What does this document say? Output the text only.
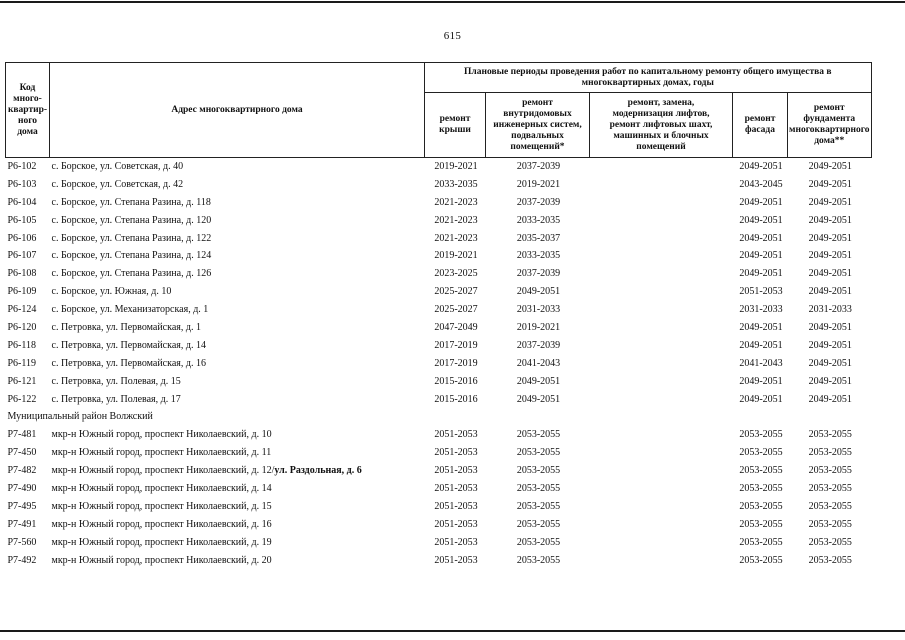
615
Код
много-
квартир-
ного
дома	Адрес многоквартирного дома	Плановые периоды проведения работ по капитальному ремонту общего имущества в
многоквартирных домах, годы				
		ремонт
крыши	ремонт
внутридомовых
инженерных систем,
подвальных
помещений*	ремонт, замена,
модернизация лифтов,
ремонт лифтовых шахт,
машинных и блочных
помещений	ремонт
фасада	ремонт
фундамента
многоквартирного
дома**
Р6-102	с. Борское, ул. Советская, д. 40	2019-2021	2037-2039		2049-2051	2049-2051
Р6-103	с. Борское, ул. Советская, д. 42	2033-2035	2019-2021		2043-2045	2049-2051
Р6-104	с. Борское, ул. Степана Разина, д. 118	2021-2023	2037-2039		2049-2051	2049-2051
Р6-105	с. Борское, ул. Степана Разина, д. 120	2021-2023	2033-2035		2049-2051	2049-2051
Р6-106	с. Борское, ул. Степана Разина, д. 122	2021-2023	2035-2037		2049-2051	2049-2051
Р6-107	с. Борское, ул. Степана Разина, д. 124	2019-2021	2033-2035		2049-2051	2049-2051
Р6-108	с. Борское, ул. Степана Разина, д. 126	2023-2025	2037-2039		2049-2051	2049-2051
Р6-109	с. Борское, ул. Южная, д. 10	2025-2027	2049-2051		2051-2053	2049-2051
Р6-124	с. Борское, ул. Механизаторская, д. 1	2025-2027	2031-2033		2031-2033	2031-2033
Р6-120	с. Петровка, ул. Первомайская, д. 1	2047-2049	2019-2021		2049-2051	2049-2051
Р6-118	с. Петровка, ул. Первомайская, д. 14	2017-2019	2037-2039		2049-2051	2049-2051
Р6-119	с. Петровка, ул. Первомайская, д. 16	2017-2019	2041-2043		2041-2043	2049-2051
Р6-121	с. Петровка, ул. Полевая, д. 15	2015-2016	2049-2051		2049-2051	2049-2051
Р6-122	с. Петровка, ул. Полевая, д. 17	2015-2016	2049-2051		2049-2051	2049-2051
Муниципальный район Волжский						
Р7-481	мкр-н Южный город, проспект Николаевский, д. 10	2051-2053	2053-2055		2053-2055	2053-2055
Р7-450	мкр-н Южный город, проспект Николаевский, д. 11	2051-2053	2053-2055		2053-2055	2053-2055
Р7-482	мкр-н Южный город, проспект Николаевский, д. 12/ул. Раздольная, д. 6	2051-2053	2053-2055		2053-2055	2053-2055
Р7-490	мкр-н Южный город, проспект Николаевский, д. 14	2051-2053	2053-2055		2053-2055	2053-2055
Р7-495	мкр-н Южный город, проспект Николаевский, д. 15	2051-2053	2053-2055		2053-2055	2053-2055
Р7-491	мкр-н Южный город, проспект Николаевский, д. 16	2051-2053	2053-2055		2053-2055	2053-2055
Р7-560	мкр-н Южный город, проспект Николаевский, д. 19	2051-2053	2053-2055		2053-2055	2053-2055
Р7-492	мкр-н Южный город, проспект Николаевский, д. 20	2051-2053	2053-2055		2053-2055	2053-2055
